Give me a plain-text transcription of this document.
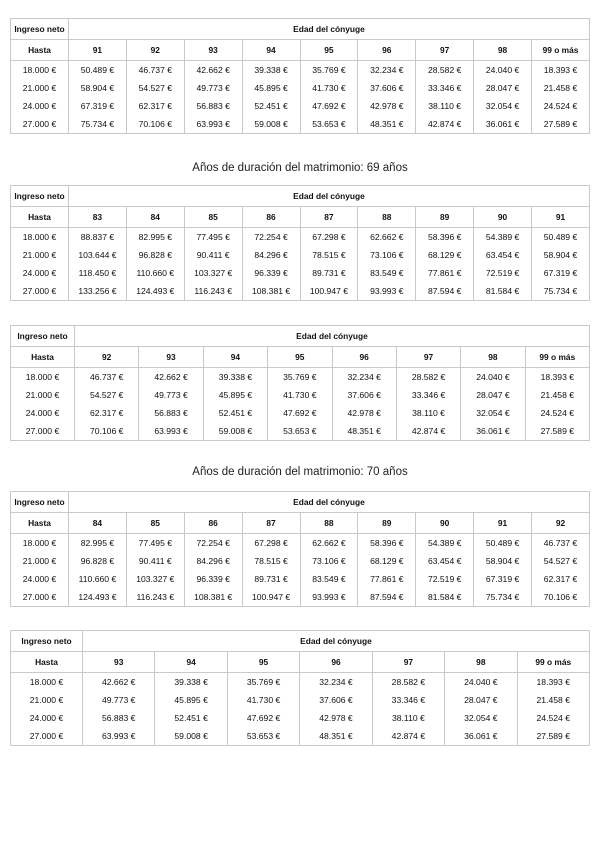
Ingreso neto	Edad del cónyuge								
Hasta	91	92	93	94	95	96	97	98	99 o más
18.000 €	50.489 €	46.737 €	42.662 €	39.338 €	35.769 €	32.234 €	28.582 €	24.040 €	18.393 €
21.000 €	58.904 €	54.527 €	49.773 €	45.895 €	41.730 €	37.606 €	33.346 €	28.047 €	21.458 €
24.000 €	67.319 €	62.317 €	56.883 €	52.451 €	47.692 €	42.978 €	38.110 €	32.054 €	24.524 €
27.000 €	75.734 €	70.106 €	63.993 €	59.008 €	53.653 €	48.351 €	42.874 €	36.061 €	27.589 €
Años de duración del matrimonio: 69 años
Ingreso neto	Edad del cónyuge								
Hasta	83	84	85	86	87	88	89	90	91
18.000 €	88.837 €	82.995 €	77.495 €	72.254 €	67.298 €	62.662 €	58.396 €	54.389 €	50.489 €
21.000 €	103.644 €	96.828 €	90.411 €	84.296 €	78.515 €	73.106 €	68.129 €	63.454 €	58.904 €
24.000 €	118.450 €	110.660 €	103.327 €	96.339 €	89.731 €	83.549 €	77.861 €	72.519 €	67.319 €
27.000 €	133.256 €	124.493 €	116.243 €	108.381 €	100.947 €	93.993 €	87.594 €	81.584 €	75.734 €
Ingreso neto	Edad del cónyuge							
Hasta	92	93	94	95	96	97	98	99 o más
18.000 €	46.737 €	42.662 €	39.338 €	35.769 €	32.234 €	28.582 €	24.040 €	18.393 €
21.000 €	54.527 €	49.773 €	45.895 €	41.730 €	37.606 €	33.346 €	28.047 €	21.458 €
24.000 €	62.317 €	56.883 €	52.451 €	47.692 €	42.978 €	38.110 €	32.054 €	24.524 €
27.000 €	70.106 €	63.993 €	59.008 €	53.653 €	48.351 €	42.874 €	36.061 €	27.589 €
Años de duración del matrimonio: 70 años
Ingreso neto	Edad del cónyuge								
Hasta	84	85	86	87	88	89	90	91	92
18.000 €	82.995 €	77.495 €	72.254 €	67.298 €	62.662 €	58.396 €	54.389 €	50.489 €	46.737 €
21.000 €	96.828 €	90.411 €	84.296 €	78.515 €	73.106 €	68.129 €	63.454 €	58.904 €	54.527 €
24.000 €	110.660 €	103.327 €	96.339 €	89.731 €	83.549 €	77.861 €	72.519 €	67.319 €	62.317 €
27.000 €	124.493 €	116.243 €	108.381 €	100.947 €	93.993 €	87.594 €	81.584 €	75.734 €	70.106 €
Ingreso neto	Edad del cónyuge						
Hasta	93	94	95	96	97	98	99 o más
18.000 €	42.662 €	39.338 €	35.769 €	32.234 €	28.582 €	24.040 €	18.393 €
21.000 €	49.773 €	45.895 €	41.730 €	37.606 €	33.346 €	28.047 €	21.458 €
24.000 €	56.883 €	52.451 €	47.692 €	42.978 €	38.110 €	32.054 €	24.524 €
27.000 €	63.993 €	59.008 €	53.653 €	48.351 €	42.874 €	36.061 €	27.589 €
